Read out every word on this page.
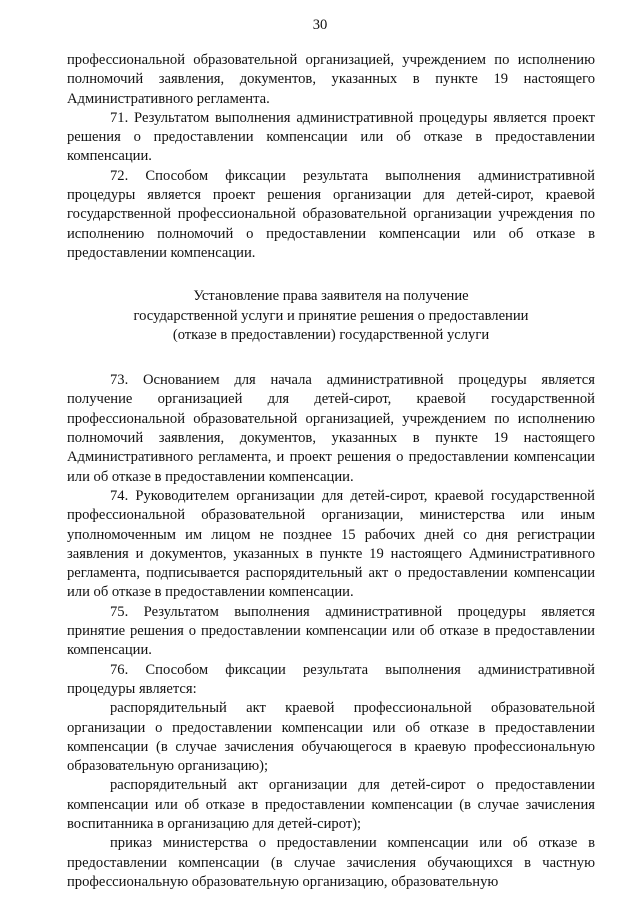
30

профессиональной образовательной организацией, учреждением по исполнению полномочий заявления, документов, указанных в пункте 19 настоящего Административного регламента.

71. Результатом выполнения административной процедуры является проект решения о предоставлении компенсации или об отказе в предоставлении компенсации.

72. Способом фиксации результата выполнения административной процедуры является проект решения организации для детей-сирот, краевой государственной профессиональной образовательной организации учреждения по исполнению полномочий о предоставлении компенсации или об отказе в предоставлении компенсации.

Установление права заявителя на получение
государственной услуги и принятие решения о предоставлении
(отказе в предоставлении) государственной услуги

73. Основанием для начала административной процедуры является получение организацией для детей-сирот, краевой государственной профессиональной образовательной организацией, учреждением по исполнению полномочий заявления, документов, указанных в пункте 19 настоящего Административного регламента, и проект решения о предоставлении компенсации или об отказе в предоставлении компенсации.

74. Руководителем организации для детей-сирот, краевой государственной профессиональной образовательной организации, министерства или иным уполномоченным им лицом не позднее 15 рабочих дней со дня регистрации заявления и документов, указанных в пункте 19 настоящего Административного регламента, подписывается распорядительный акт о предоставлении компенсации или об отказе в предоставлении компенсации.

75. Результатом выполнения административной процедуры является принятие решения о предоставлении компенсации или об отказе в предоставлении компенсации.

76. Способом фиксации результата выполнения административной процедуры является:

распорядительный акт краевой профессиональной образовательной организации о предоставлении компенсации или об отказе в предоставлении компенсации (в случае зачисления обучающегося в краевую профессиональную образовательную организацию);

распорядительный акт организации для детей-сирот о предоставлении компенсации или об отказе в предоставлении компенсации (в случае зачисления воспитанника в организацию для детей-сирот);

приказ министерства о предоставлении компенсации или об отказе в предоставлении компенсации (в случае зачисления обучающихся в частную профессиональную образовательную организацию, образовательную
